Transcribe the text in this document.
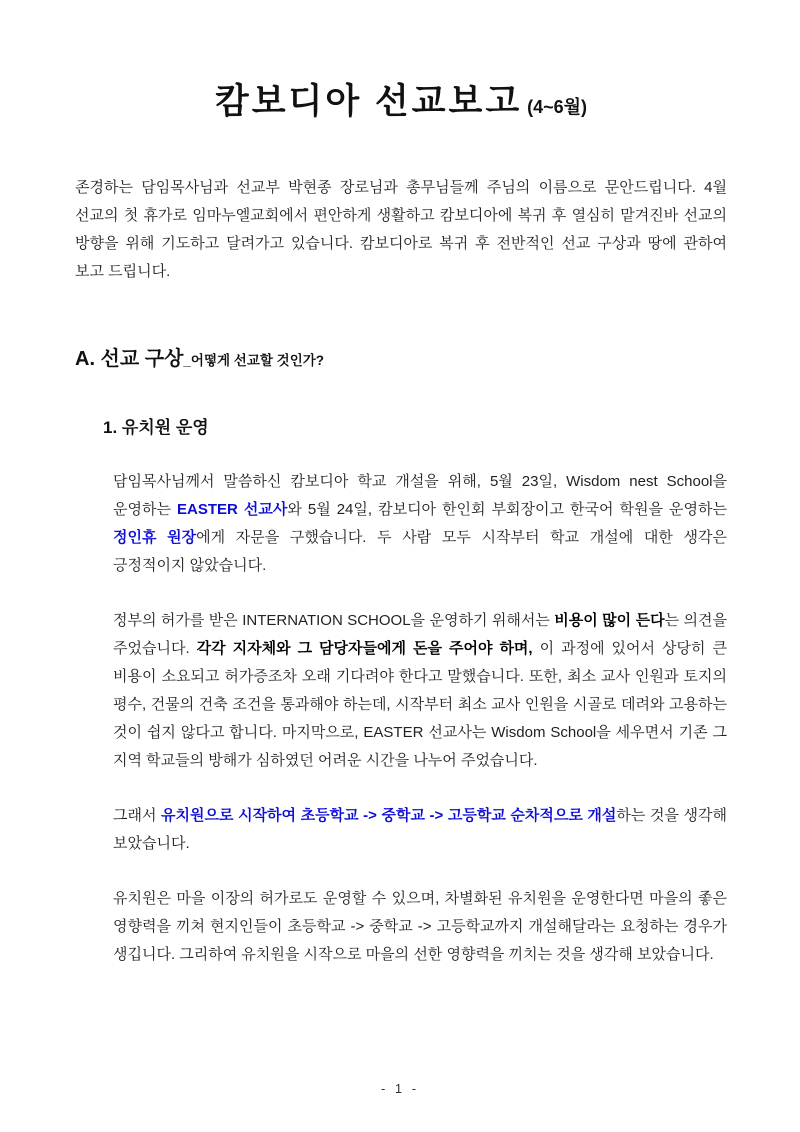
캄보디아 선교보고 (4~6월)

존경하는 담임목사님과 선교부 박현종 장로님과 총무님들께 주님의 이름으로 문안드립니다. 4월 선교의 첫 휴가로 임마누엘교회에서 편안하게 생활하고 캄보디아에 복귀 후 열심히 맡겨진바 선교의 방향을 위해 기도하고 달려가고 있습니다. 캄보디아로 복귀 후 전반적인 선교 구상과 땅에 관하여 보고 드립니다.

A. 선교 구상_어떻게 선교할 것인가?
1. 유치원 운영

담임목사님께서 말씀하신 캄보디아 학교 개설을 위해, 5월 23일, Wisdom nest School을 운영하는 EASTER 선교사와 5월 24일, 캄보디아 한인회 부회장이고 한국어 학원을 운영하는 정인휴 원장에게 자문을 구했습니다. 두 사람 모두 시작부터 학교 개설에 대한 생각은 긍정적이지 않았습니다.

정부의 허가를 받은 INTERNATION SCHOOL을 운영하기 위해서는 비용이 많이 든다는 의견을 주었습니다. 각각 지자체와 그 담당자들에게 돈을 주어야 하며, 이 과정에 있어서 상당히 큰 비용이 소요되고 허가증조차 오래 기다려야 한다고 말했습니다. 또한, 최소 교사 인원과 토지의 평수, 건물의 건축 조건을 통과해야 하는데, 시작부터 최소 교사 인원을 시골로 데려와 고용하는 것이 쉽지 않다고 합니다. 마지막으로, EASTER 선교사는 Wisdom School을 세우면서 기존 그 지역 학교들의 방해가 심하였던 어려운 시간을 나누어 주었습니다.

그래서 유치원으로 시작하여 초등학교 -> 중학교 -> 고등학교 순차적으로 개설하는 것을 생각해 보았습니다.

유치원은 마을 이장의 허가로도 운영할 수 있으며, 차별화된 유치원을 운영한다면 마을의 좋은 영향력을 끼쳐 현지인들이 초등학교 -> 중학교 -> 고등학교까지 개설해달라는 요청하는 경우가 생깁니다. 그리하여 유치원을 시작으로 마을의 선한 영향력을 끼치는 것을 생각해 보았습니다.

- 1 -
